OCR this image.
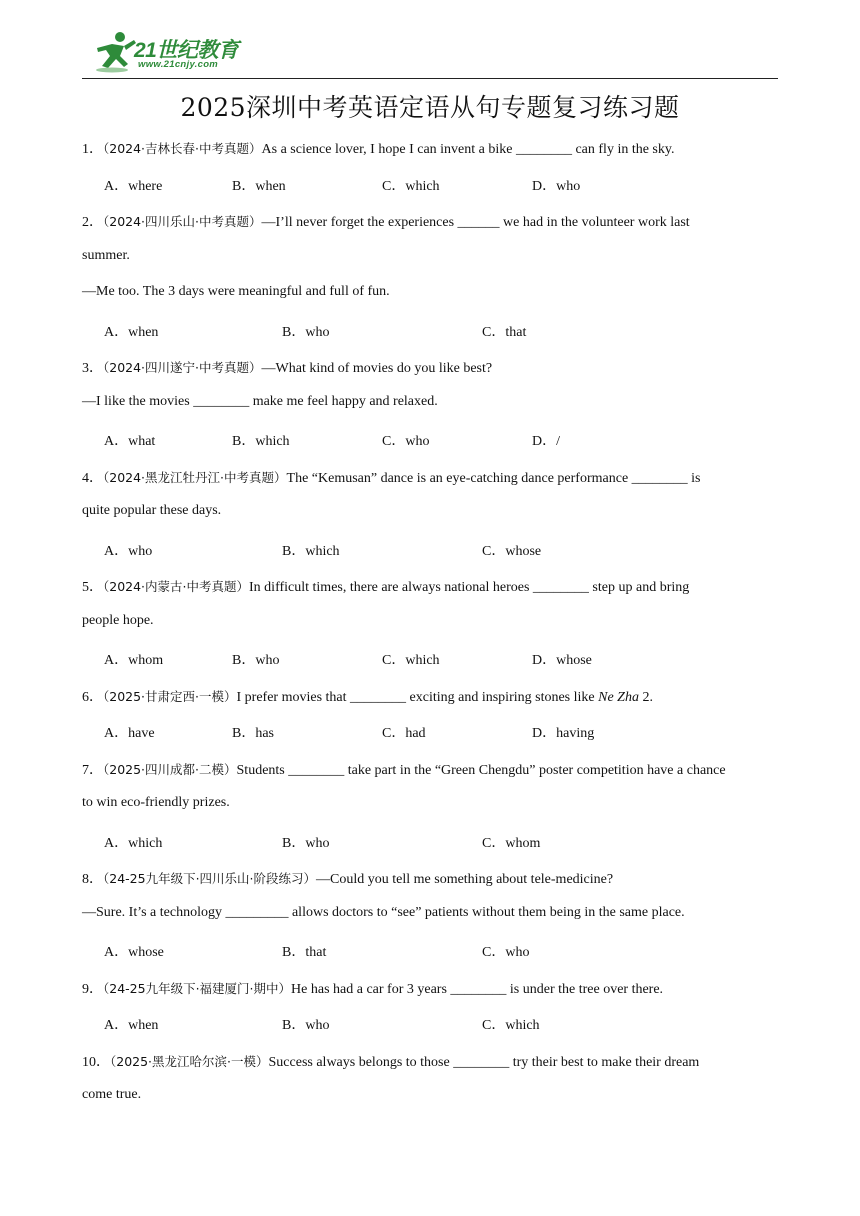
21世纪教育
www.21cnjy.com
2025深圳中考英语定语从句专题复习练习题
1．（2024·吉林长春·中考真题）As a science lover, I hope I can invent a bike ________ can fly in the sky.
A．where	B．when	C．which	D．who
2．（2024·四川乐山·中考真题）—I’ll never forget the experiences ______ we had in the volunteer work last
summer.
—Me too. The 3 days were meaningful and full of fun.
A．when	B．who	C．that
3．（2024·四川遂宁·中考真题）—What kind of movies do you like best?
—I like the movies ________ make me feel happy and relaxed.
A．what	B．which	C．who	D．/
4．（2024·黑龙江牡丹江·中考真题）The “Kemusan” dance is an eye-catching dance performance ________ is
quite popular these days.
A．who	B．which	C．whose
5．（2024·内蒙古·中考真题）In difficult times, there are always national heroes ________ step up and bring
people hope.
A．whom	B．who	C．which	D．whose
6．（2025·甘肃定西·一模）I prefer movies that ________ exciting and inspiring stones like Ne Zha 2.
A．have	B．has	C．had	D．having
7．（2025·四川成都·二模）Students ________ take part in the “Green Chengdu” poster competition have a chance
to win eco-friendly prizes.
A．which	B．who	C．whom
8．（24-25九年级下·四川乐山·阶段练习）—Could you tell me something about tele-medicine?
—Sure. It’s a technology _________ allows doctors to “see” patients without them being in the same place.
A．whose	B．that	C．who
9．（24-25九年级下·福建厦门·期中）He has had a car for 3 years ________ is under the tree over there.
A．when	B．who	C．which
10．（2025·黑龙江哈尔滨·一模）Success always belongs to those ________ try their best to make their dream
come true.
